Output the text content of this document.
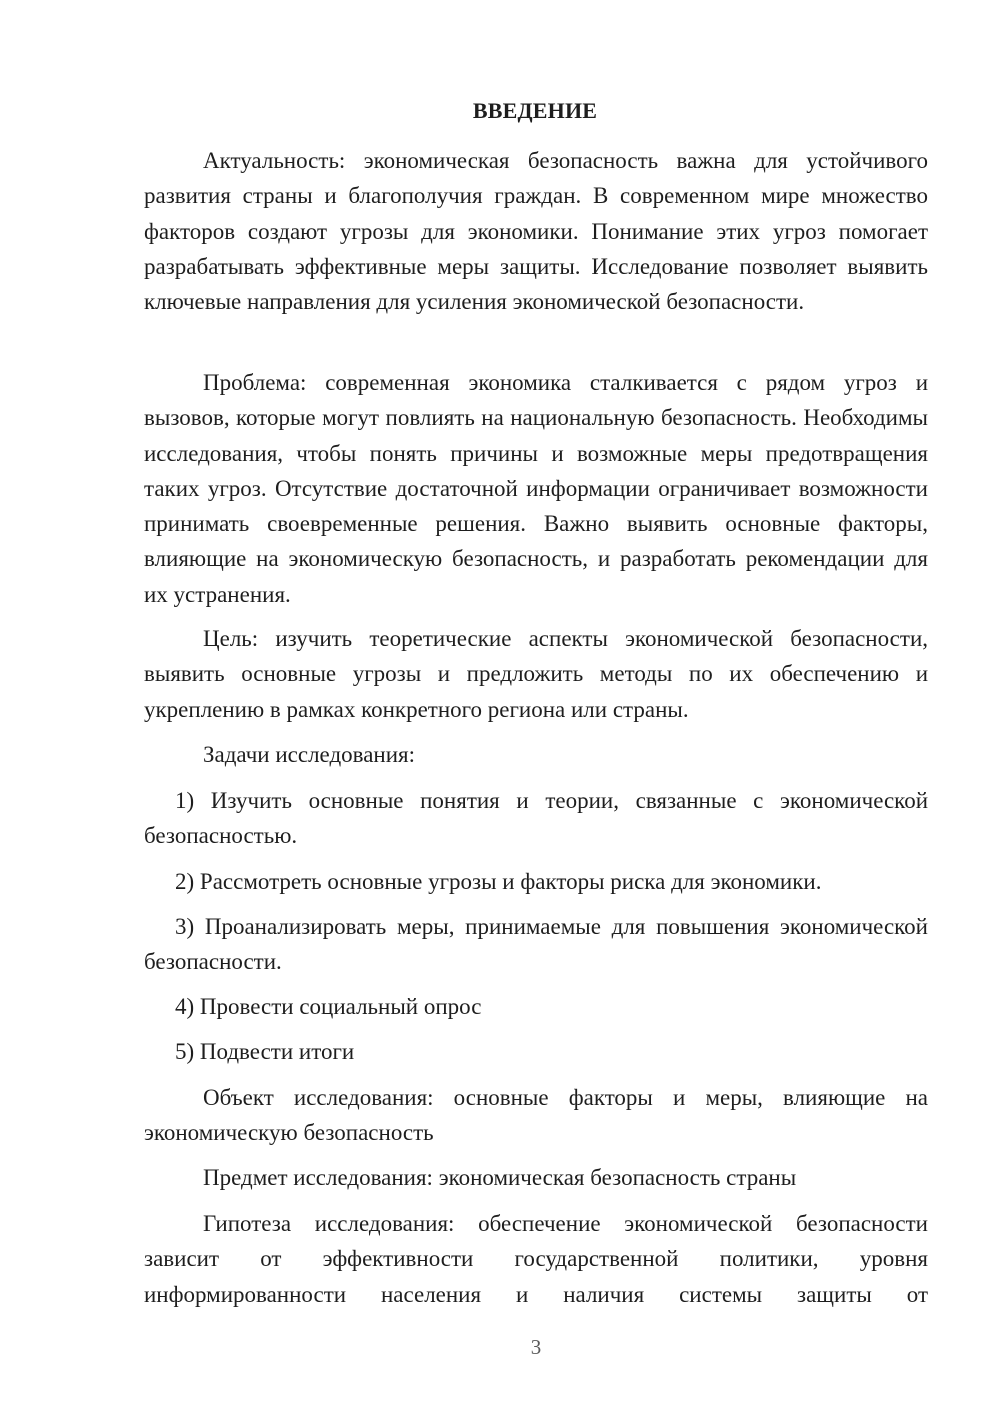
ВВЕДЕНИЕ

Актуальность: экономическая безопасность важна для устойчивого развития страны и благополучия граждан. В современном мире множество факторов создают угрозы для экономики. Понимание этих угроз помогает разрабатывать эффективные меры защиты. Исследование позволяет выявить ключевые направления для усиления экономической безопасности.

Проблема: современная экономика сталкивается с рядом угроз и вызовов, которые могут повлиять на национальную безопасность. Необходимы исследования, чтобы понять причины и возможные меры предотвращения таких угроз. Отсутствие достаточной информации ограничивает возможности принимать своевременные решения. Важно выявить основные факторы, влияющие на экономическую безопасность, и разработать рекомендации для их устранения.

Цель: изучить теоретические аспекты экономической безопасности, выявить основные угрозы и предложить методы по их обеспечению и укреплению в рамках конкретного региона или страны.

Задачи исследования:

1) Изучить основные понятия и теории, связанные с экономической безопасностью.

2) Рассмотреть основные угрозы и факторы риска для экономики.

3) Проанализировать меры, принимаемые для повышения экономической безопасности.

4) Провести социальный опрос

5) Подвести итоги

Объект исследования: основные факторы и меры, влияющие на экономическую безопасность

Предмет исследования: экономическая безопасность страны

Гипотеза исследования: обеспечение экономической безопасности зависит от эффективности государственной политики, уровня информированности населения и наличия системы защиты от

3
